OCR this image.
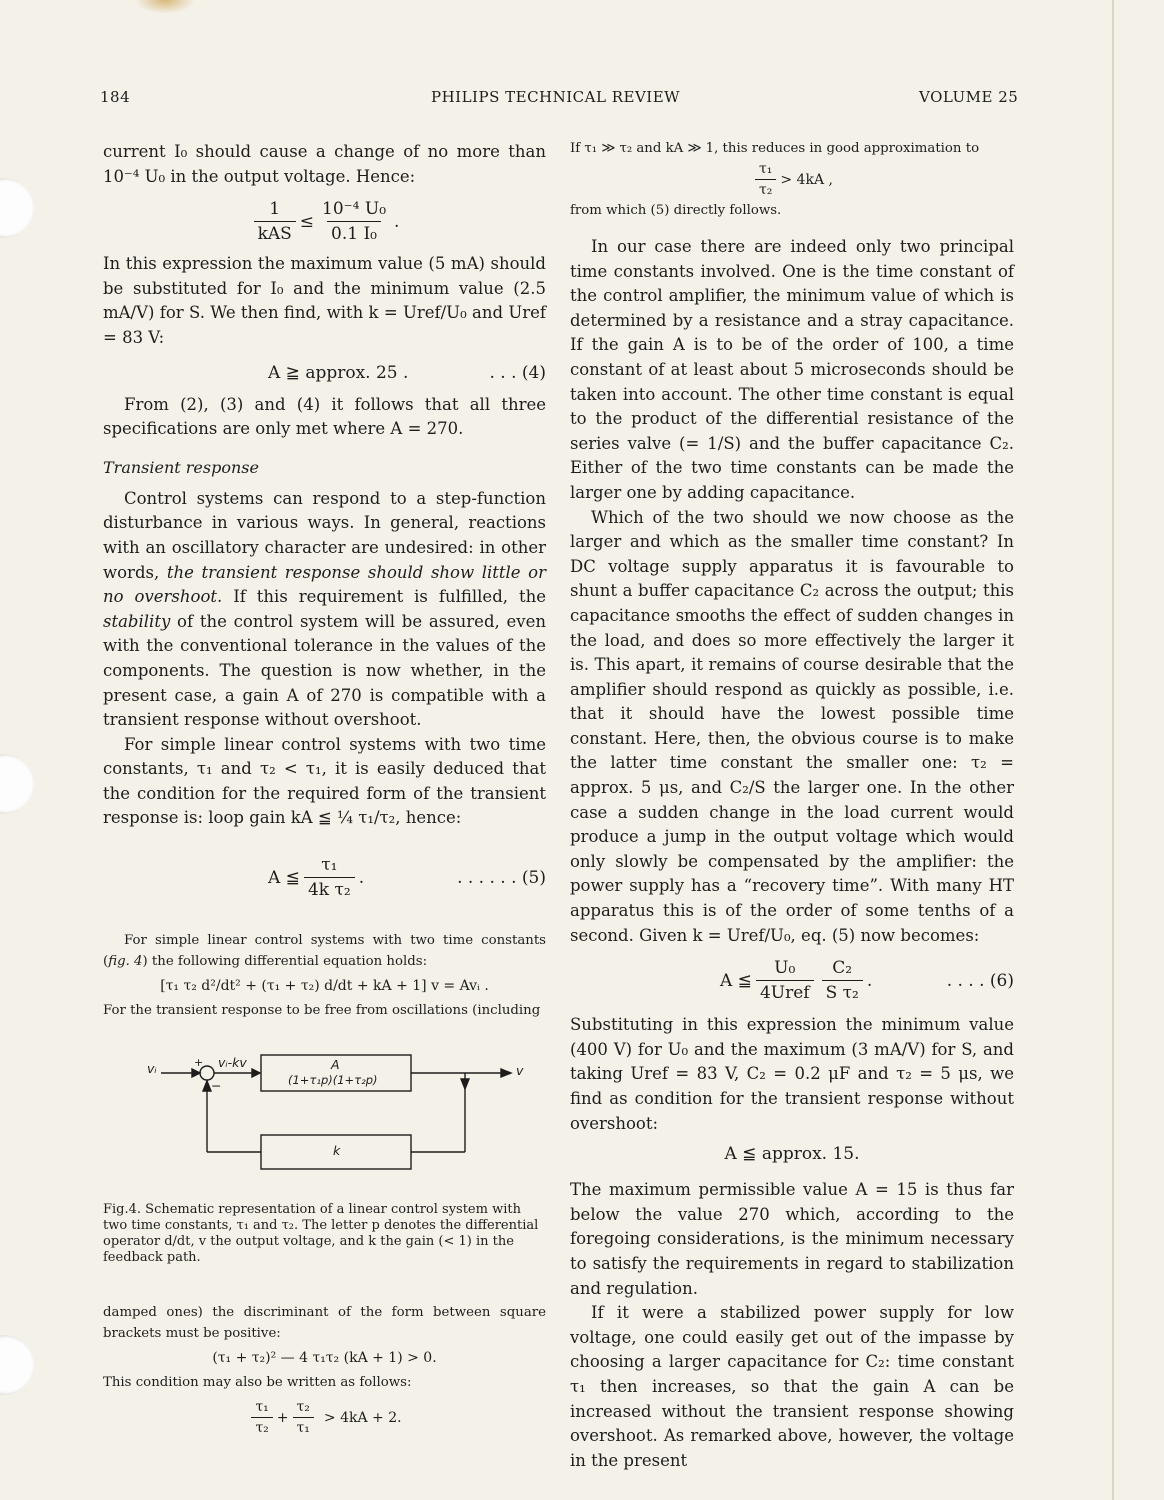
184	PHILIPS TECHNICAL REVIEW	VOLUME 25

current I₀ should cause a change of no more than 10⁻⁴ U₀ in the output voltage. Hence:

$\frac{1}{\text{kAS}} \le \frac{\text{10⁻⁴ U₀}}{\text{0.1 I₀}}$ .

In this expression the maximum value (5 mA) should be substituted for I₀ and the minimum value (2.5 mA/V) for S. We then find, with k = Uref/U₀ and Uref = 83 V:

A ≧ approx. 25 .	. . . (4)

From (2), (3) and (4) it follows that all three specifications are only met where A = 270.

Transient response

Control systems can respond to a step-function disturbance in various ways. In general, reactions with an oscillatory character are undesired: in other words, the transient response should show little or no overshoot. If this requirement is fulfilled, the stability of the control system will be assured, even with the conventional tolerance in the values of the components. The question is now whether, in the present case, a gain A of 270 is compatible with a transient response without overshoot.

For simple linear control systems with two time constants, τ₁ and τ₂ < τ₁, it is easily deduced that the condition for the required form of the transient response is: loop gain kA ≦ ¼ τ₁/τ₂, hence:

A ≦ $\frac{\text{τ₁}}{\text{4k τ₂}}$ .	. . . . . . (5)

For simple linear control systems with two time constants (fig. 4) the following differential equation holds:

[τ₁ τ₂ d²/dt² + (τ₁ + τ₂) d/dt + kA + 1] v = Avᵢ .

For the transient response to be free from oscillations (including

vᵢ	+
−
vᵢ-kv	A
(1+τ₁p)(1+τ₂p)
v
k

Fig.4. Schematic representation of a linear control system with two time constants, τ₁ and τ₂. The letter p denotes the differential operator d/dt, v the output voltage, and k the gain (< 1) in the feedback path.

damped ones) the discriminant of the form between square brackets must be positive:

(τ₁ + τ₂)² — 4 τ₁τ₂ (kA + 1) > 0.

This condition may also be written as follows:

$\frac{\text{τ₁}}{\text{τ₂}} + \frac{\text{τ₂}}{\text{τ₁}} > 4kA + 2$.

If τ₁ ≫ τ₂ and kA ≫ 1, this reduces in good approximation to

$\frac{\text{τ₁}}{\text{τ₂}} > 4kA$ ,

from which (5) directly follows.

In our case there are indeed only two principal time constants involved. One is the time constant of the control amplifier, the minimum value of which is determined by a resistance and a stray capacitance. If the gain A is to be of the order of 100, a time constant of at least about 5 microseconds should be taken into account. The other time constant is equal to the product of the differential resistance of the series valve (= 1/S) and the buffer capacitance C₂. Either of the two time constants can be made the larger one by adding capacitance.

Which of the two should we now choose as the larger and which as the smaller time constant? In DC voltage supply apparatus it is favourable to shunt a buffer capacitance C₂ across the output; this capacitance smooths the effect of sudden changes in the load, and does so more effectively the larger it is. This apart, it remains of course desirable that the amplifier should respond as quickly as possible, i.e. that it should have the lowest possible time constant. Here, then, the obvious course is to make the latter time constant the smaller one: τ₂ = approx. 5 μs, and C₂/S the larger one. In the other case a sudden change in the load current would produce a jump in the output voltage which would only slowly be compensated by the amplifier: the power supply has a “recovery time”. With many HT apparatus this is of the order of some tenths of a second. Given k = Uref/U₀, eq. (5) now becomes:

A ≦ $\frac{\text{U₀}}{\text{4Uref}} \frac{\text{C₂}}{\text{S τ₂}}$ .	. . . . (6)

Substituting in this expression the minimum value (400 V) for U₀ and the maximum (3 mA/V) for S, and taking Uref = 83 V, C₂ = 0.2 μF and τ₂ = 5 μs, we find as condition for the transient response without overshoot:

A ≦ approx. 15.

The maximum permissible value A = 15 is thus far below the value 270 which, according to the foregoing considerations, is the minimum necessary to satisfy the requirements in regard to stabilization and regulation.

If it were a stabilized power supply for low voltage, one could easily get out of the impasse by choosing a larger capacitance for C₂: time constant τ₁ then increases, so that the gain A can be increased without the transient response showing overshoot. As remarked above, however, the voltage in the present
